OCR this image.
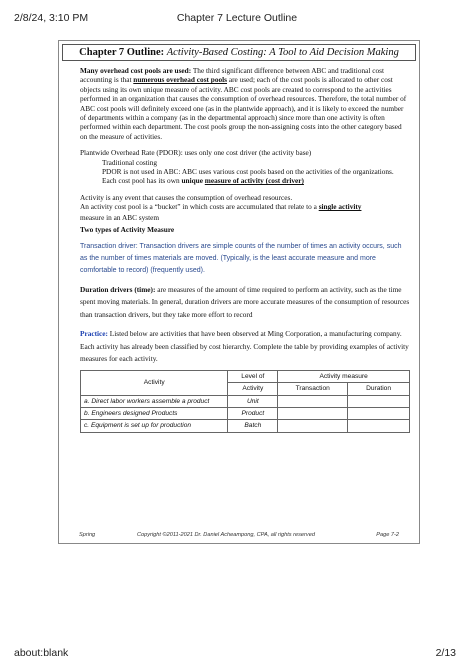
2/8/24, 3:10 PM	Chapter 7 Lecture Outline
Chapter 7 Outline: Activity-Based Costing: A Tool to Aid Decision Making

Many overhead cost pools are used: The third significant difference between ABC and traditional cost accounting is that numerous overhead cost pools are used; each of the cost pools is allocated to other cost objects using its own unique measure of activity. ABC cost pools are created to correspond to the activities performed in an organization that causes the consumption of overhead resources. Therefore, the total number of ABC cost pools will definitely exceed one (as in the plantwide approach), and it is likely to exceed the number of departments within a company (as in the departmental approach) since more than one activity is often performed within each department. The cost pools group the non-assigning costs into the other category based on the measure of activities.

Plantwide Overhead Rate (PDOR): uses only one cost driver (the activity base)

Traditional costing

PDOR is not used in ABC: ABC uses various cost pools based on the activities of the organizations.

Each cost pool has its own unique measure of activity (cost driver)

Activity is any event that causes the consumption of overhead resources.

An activity cost pool is a “bucket” in which costs are accumulated that relate to a single activity

measure in an ABC system

Two types of Activity Measure

Transaction driver: Transaction drivers are simple counts of the number of times an activity occurs, such as the number of times materials are moved. (Typically, is the least accurate measure and more comfortable to record) (frequently used).

Duration drivers (time): are measures of the amount of time required to perform an activity, such as the time spent moving materials. In general, duration drivers are more accurate measures of the consumption of resources than transaction drivers, but they take more effort to record

Practice: Listed below are activities that have been observed at Ming Corporation, a manufacturing company. Each activity has already been classified by cost hierarchy. Complete the table by providing examples of activity measures for each activity.

Activity	Level of	Activity measure	
	Activity	Transaction	Duration
a. Direct labor workers assemble a product	Unit		
b. Engineers designed Products	Product		
c. Equipment is set up for production	Batch		
Spring	Copyright ©2011-2021 Dr. Daniel Acheampong, CPA, all rights reserved	Page 7-2
about:blank	2/13
